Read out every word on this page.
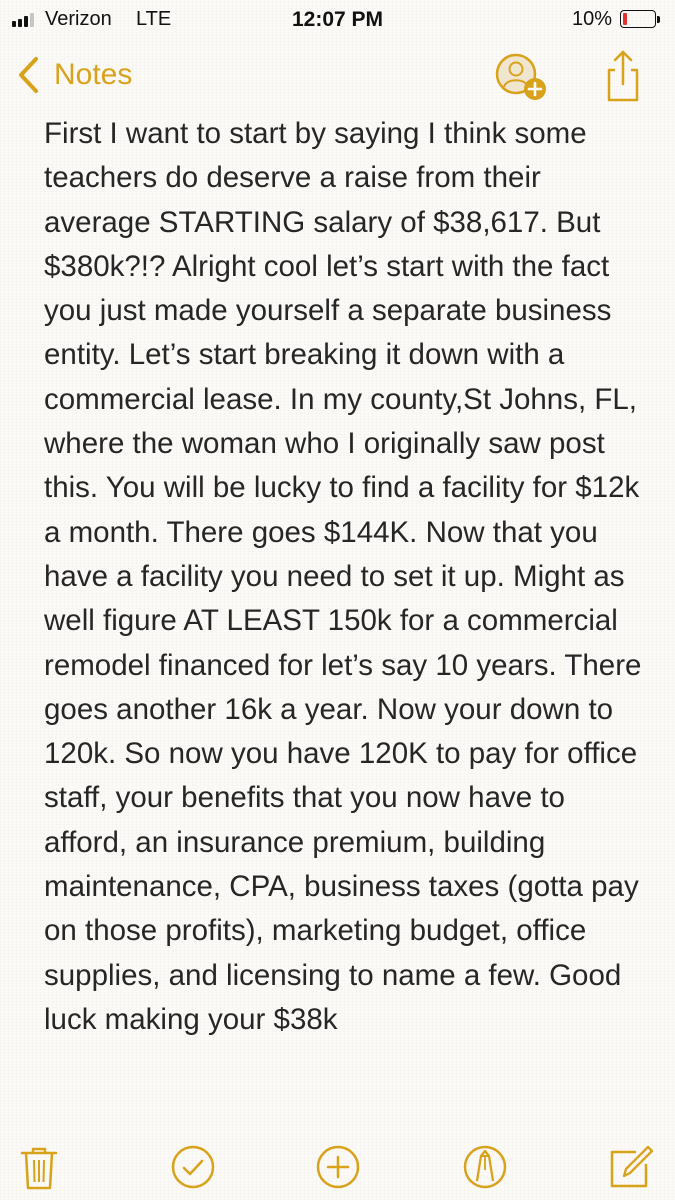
Verizon LTE	12:07 PM	10%
Notes
First I want to start by saying I think some teachers do deserve a raise from their average STARTING salary of $38,617. But $380k?!? Alright cool let’s start with the fact you just made yourself a separate business entity. Let’s start breaking it down with a commercial lease. In my county,St Johns, FL, where the woman who I originally saw post this. You will be lucky to find a facility for $12k a month. There goes $144K. Now that you have a facility you need to set it up. Might as well figure AT LEAST 150k for a commercial remodel financed for let’s say 10 years. There goes another 16k a year. Now your down to 120k. So now you have 120K to pay for office staff, your benefits that you now have to afford, an insurance premium, building maintenance, CPA, business taxes (gotta pay on those profits), marketing budget, office supplies, and licensing to name a few. Good luck making your $38k
